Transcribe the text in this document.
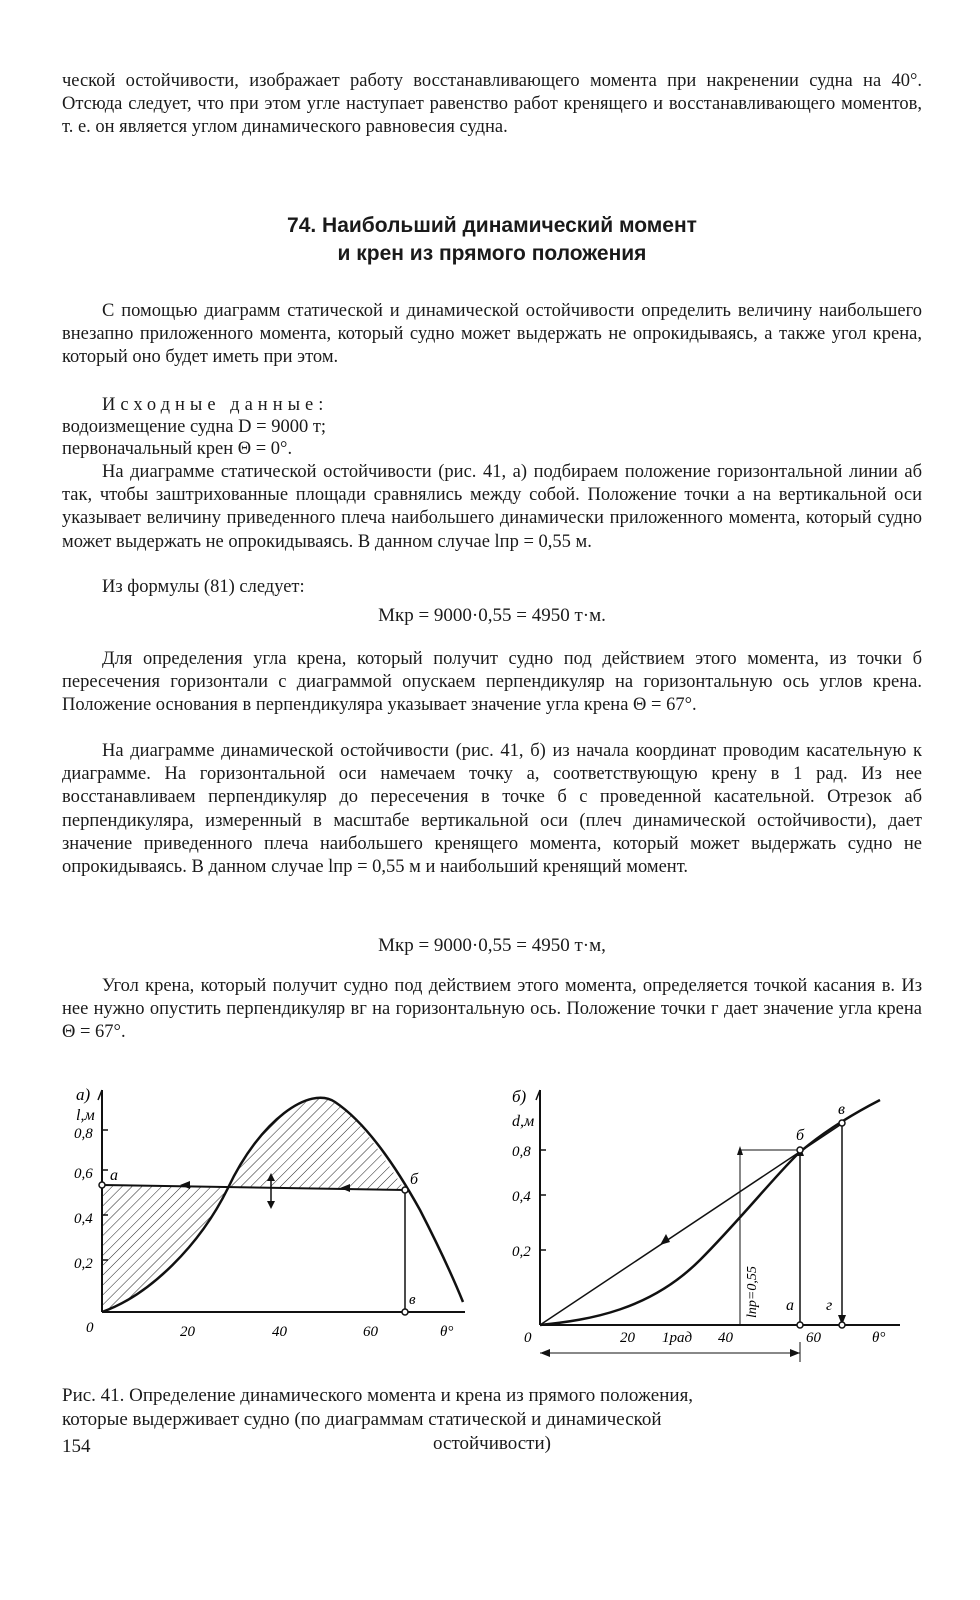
ческой остойчивости, изображает работу восстанавливающего момента при накренении судна на 40°. Отсюда следует, что при этом угле наступает равенство работ кренящего и восстанавливающего моментов, т. е. он является углом динамического равновесия судна.

74. Наибольший динамический момент
и крен из прямого положения

С помощью диаграмм статической и динамической остойчивости определить величину наибольшего внезапно приложенного момента, который судно может выдержать не опрокидываясь, а также угол крена, который оно будет иметь при этом.

Исходные данные:
водоизмещение судна D = 9000 т;
первоначальный крен Θ = 0°.

На диаграмме статической остойчивости (рис. 41, а) подбираем положение горизонтальной линии аб так, чтобы заштрихованные площади сравнялись между собой. Положение точки а на вертикальной оси указывает величину приведенного плеча наибольшего динамически приложенного момента, который судно может выдержать не опрокидываясь. В данном случае lпр = 0,55 м.

Из формулы (81) следует:
Мкр = 9000·0,55 = 4950 т·м.

Для определения угла крена, который получит судно под действием этого момента, из точки б пересечения горизонтали с диаграммой опускаем перпендикуляр на горизонтальную ось углов крена. Положение основания в перпендикуляра указывает значение угла крена Θ = 67°.

На диаграмме динамической остойчивости (рис. 41, б) из начала координат проводим касательную к диаграмме. На горизонтальной оси намечаем точку а, соответствующую крену в 1 рад. Из нее восстанавливаем перпендикуляр до пересечения в точке б с проведенной касательной. Отрезок аб перпендикуляра, измеренный в масштабе вертикальной оси (плеч динамической остойчивости), дает значение приведенного плеча наибольшего кренящего момента, который может выдержать судно не опрокидываясь. В данном случае lпр = 0,55 м и наибольший кренящий момент.

Мкр = 9000·0,55 = 4950 т·м,

Угол крена, который получит судно под действием этого момента, определяется точкой касания в. Из нее нужно опустить перпендикуляр вг на горизонтальную ось. Положение точки г дает значение угла крена Θ = 67°.

а)
l,м
0,8
0,6
0,4
0,2
0	20	40	60	θ°
а	б
в
б)
d,м
0,8
0,4
0,2
0	20 1рад 40	60	θ°
б
в
а г
lпр=0,55
Рис. 41. Определение динамического момента и крена из прямого положения,
которые выдерживает судно (по диаграммам статической и динамической
остойчивости)
154
